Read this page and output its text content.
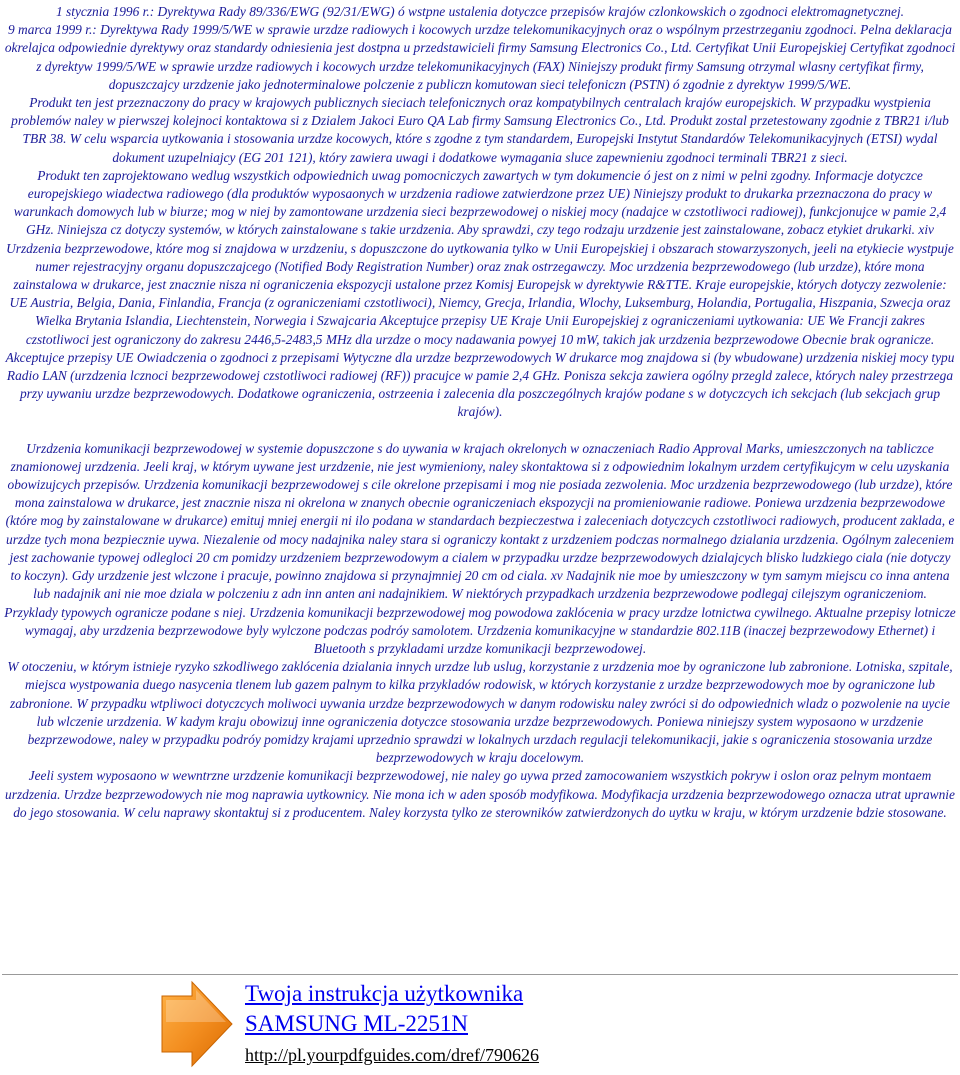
1 stycznia 1996 r.: Dyrektywa Rady 89/336/EWG (92/31/EWG) ó wstpne ustalenia dotyczce przepisów krajów czlonkowskich o zgodnoci elektromagnetycznej.

9 marca 1999 r.: Dyrektywa Rady 1999/5/WE w sprawie urzdze radiowych i kocowych urzdze telekomunikacyjnych oraz o wspólnym przestrzeganiu zgodnoci. Pelna deklaracja okrelajca odpowiednie dyrektywy oraz standardy odniesienia jest dostpna u przedstawicieli firmy Samsung Electronics Co., Ltd. Certyfikat Unii Europejskiej Certyfikat zgodnoci z dyrektyw 1999/5/WE w sprawie urzdze radiowych i kocowych urzdze telekomunikacyjnych (FAX) Niniejszy produkt firmy Samsung otrzymal wlasny certyfikat firmy, dopuszczajcy urzdzenie jako jednoterminalowe polczenie z publiczn komutowan sieci telefoniczn (PSTN) ó zgodnie z dyrektyw 1999/5/WE.

Produkt ten jest przeznaczony do pracy w krajowych publicznych sieciach telefonicznych oraz kompatybilnych centralach krajów europejskich. W przypadku wystpienia problemów naley w pierwszej kolejnoci kontaktowa si z Dzialem Jakoci Euro QA Lab firmy Samsung Electronics Co., Ltd. Produkt zostal przetestowany zgodnie z TBR21 i/lub TBR 38. W celu wsparcia uytkowania i stosowania urzdze kocowych, które s zgodne z tym standardem, Europejski Instytut Standardów Telekomunikacyjnych (ETSI) wydal dokument uzupelniajcy (EG 201 121), który zawiera uwagi i dodatkowe wymagania sluce zapewnieniu zgodnoci terminali TBR21 z sieci.

Produkt ten zaprojektowano wedlug wszystkich odpowiednich uwag pomocniczych zawartych w tym dokumencie ó jest on z nimi w pelni zgodny. Informacje dotyczce europejskiego wiadectwa radiowego (dla produktów wyposaonych w urzdzenia radiowe zatwierdzone przez UE) Niniejszy produkt to drukarka przeznaczona do pracy w warunkach domowych lub w biurze; mog w niej by zamontowane urzdzenia sieci bezprzewodowej o niskiej mocy (nadajce w czstotliwoci radiowej), funkcjonujce w pamie 2,4 GHz. Niniejsza cz dotyczy systemów, w których zainstalowane s takie urzdzenia. Aby sprawdzi, czy tego rodzaju urzdzenie jest zainstalowane, zobacz etykiet drukarki. xiv Urzdzenia bezprzewodowe, które mog si znajdowa w urzdzeniu, s dopuszczone do uytkowania tylko w Unii Europejskiej i obszarach stowarzyszonych, jeeli na etykiecie wystpuje numer rejestracyjny organu dopuszczajcego (Notified Body Registration Number) oraz znak ostrzegawczy. Moc urzdzenia bezprzewodowego (lub urzdze), które mona zainstalowa w drukarce, jest znacznie nisza ni ograniczenia ekspozycji ustalone przez Komisj Europejsk w dyrektywie R&TTE. Kraje europejskie, których dotyczy zezwolenie: UE Austria, Belgia, Dania, Finlandia, Francja (z ograniczeniami czstotliwoci), Niemcy, Grecja, Irlandia, Wlochy, Luksemburg, Holandia, Portugalia, Hiszpania, Szwecja oraz Wielka Brytania Islandia, Liechtenstein, Norwegia i Szwajcaria Akceptujce przepisy UE Kraje Unii Europejskiej z ograniczeniami uytkowania: UE We Francji zakres czstotliwoci jest ograniczony do zakresu 2446,5-2483,5 MHz dla urzdze o mocy nadawania powyej 10 mW, takich jak urzdzenia bezprzewodowe Obecnie brak ogranicze. Akceptujce przepisy UE Owiadczenia o zgodnoci z przepisami Wytyczne dla urzdze bezprzewodowych W drukarce mog znajdowa si (by wbudowane) urzdzenia niskiej mocy typu Radio LAN (urzdzenia lcznoci bezprzewodowej czstotliwoci radiowej (RF)) pracujce w pamie 2,4 GHz. Ponisza sekcja zawiera ogólny przegld zalece, których naley przestrzega przy uywaniu urzdze bezprzewodowych. Dodatkowe ograniczenia, ostrzeenia i zalecenia dla poszczególnych krajów podane s w dotyczcych ich sekcjach (lub sekcjach grup krajów).

Urzdzenia komunikacji bezprzewodowej w systemie dopuszczone s do uywania w krajach okrelonych w oznaczeniach Radio Approval Marks, umieszczonych na tabliczce znamionowej urzdzenia. Jeeli kraj, w którym uywane jest urzdzenie, nie jest wymieniony, naley skontaktowa si z odpowiednim lokalnym urzdem certyfikujcym w celu uzyskania obowizujcych przepisów. Urzdzenia komunikacji bezprzewodowej s cile okrelone przepisami i mog nie posiada zezwolenia. Moc urzdzenia bezprzewodowego (lub urzdze), które mona zainstalowa w drukarce, jest znacznie nisza ni okrelona w znanych obecnie ograniczeniach ekspozycji na promieniowanie radiowe. Poniewa urzdzenia bezprzewodowe (które mog by zainstalowane w drukarce) emituj mniej energii ni ilo podana w standardach bezpieczestwa i zaleceniach dotyczcych czstotliwoci radiowych, producent zaklada, e urzdze tych mona bezpiecznie uywa. Niezalenie od mocy nadajnika naley stara si ograniczy kontakt z urzdzeniem podczas normalnego dzialania urzdzenia. Ogólnym zaleceniem jest zachowanie typowej odlegloci 20 cm pomidzy urzdzeniem bezprzewodowym a cialem w przypadku urzdze bezprzewodowych dzialajcych blisko ludzkiego ciala (nie dotyczy to koczyn). Gdy urzdzenie jest wlczone i pracuje, powinno znajdowa si przynajmniej 20 cm od ciala. xv Nadajnik nie moe by umieszczony w tym samym miejscu co inna antena lub nadajnik ani nie moe dziala w polczeniu z adn inn anten ani nadajnikiem. W niektórych przypadkach urzdzenia bezprzewodowe podlegaj cilejszym ograniczeniom.

Przyklady typowych ogranicze podane s niej. Urzdzenia komunikacji bezprzewodowej mog powodowa zaklócenia w pracy urzdze lotnictwa cywilnego. Aktualne przepisy lotnicze wymagaj, aby urzdzenia bezprzewodowe byly wylczone podczas podróy samolotem. Urzdzenia komunikacyjne w standardzie 802.11B (inaczej bezprzewodowy Ethernet) i Bluetooth s przykladami urzdze komunikacji bezprzewodowej.

W otoczeniu, w którym istnieje ryzyko szkodliwego zaklócenia dzialania innych urzdze lub uslug, korzystanie z urzdzenia moe by ograniczone lub zabronione. Lotniska, szpitale, miejsca wystpowania duego nasycenia tlenem lub gazem palnym to kilka przykladów rodowisk, w których korzystanie z urzdze bezprzewodowych moe by ograniczone lub zabronione. W przypadku wtpliwoci dotyczcych moliwoci uywania urzdze bezprzewodowych w danym rodowisku naley zwróci si do odpowiednich wladz o pozwolenie na uycie lub wlczenie urzdzenia. W kadym kraju obowizuj inne ograniczenia dotyczce stosowania urzdze bezprzewodowych. Poniewa niniejszy system wyposaono w urzdzenie bezprzewodowe, naley w przypadku podróy pomidzy krajami uprzednio sprawdzi w lokalnych urzdach regulacji telekomunikacji, jakie s ograniczenia stosowania urzdze bezprzewodowych w kraju docelowym.

Jeeli system wyposaono w wewntrzne urzdzenie komunikacji bezprzewodowej, nie naley go uywa przed zamocowaniem wszystkich pokryw i oslon oraz pelnym montaem urzdzenia. Urzdze bezprzewodowych nie mog naprawia uytkownicy. Nie mona ich w aden sposób modyfikowa. Modyfikacja urzdzenia bezprzewodowego oznacza utrat uprawnie do jego stosowania. W celu naprawy skontaktuj si z producentem. Naley korzysta tylko ze sterowników zatwierdzonych do uytku w kraju, w którym urzdzenie bdzie stosowane.

Twoja instrukcja użytkownika
SAMSUNG ML-2251N
http://pl.yourpdfguides.com/dref/790626
